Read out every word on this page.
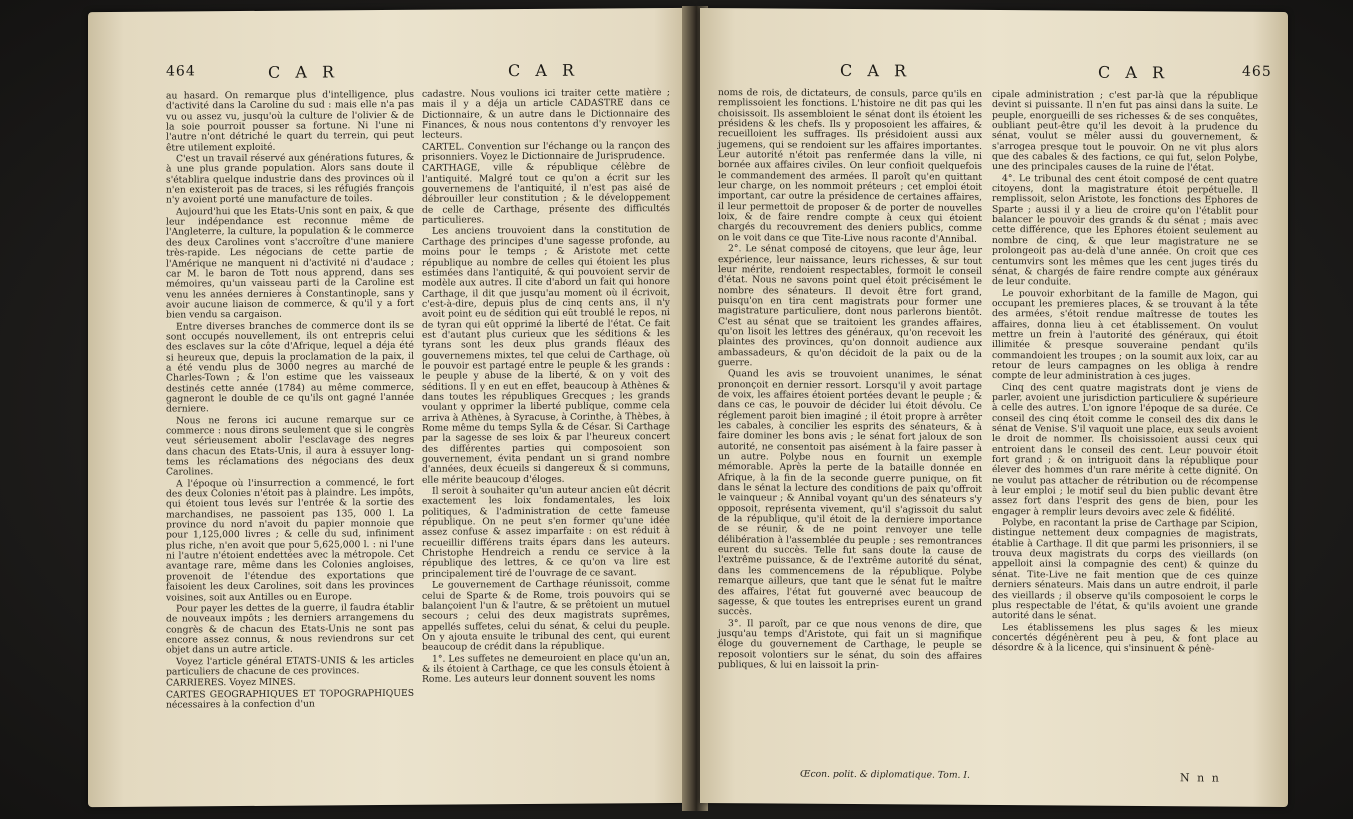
464	C A R	C A R

au hasard. On remarque plus d'intelligence, plus d'activité dans la Caroline du sud : mais elle n'a pas vu ou assez vu, jusqu'où la culture de l'olivier & de la soie pourroit pousser sa fortune. Ni l'une ni l'autre n'ont détriché le quart du terrein, qui peut être utilement exploité.

C'est un travail réservé aux générations futures, & à une plus grande population. Alors sans doute il s'établira quelque industrie dans des provinces où il n'en existeroit pas de traces, si les réfugiés françois n'y avoient porté une manufacture de toiles.

Aujourd'hui que les Etats-Unis sont en paix, & que leur indépendance est reconnue même de l'Angleterre, la culture, la population & le commerce des deux Carolines vont s'accroître d'une maniere très-rapide. Les négocians de cette partie de l'Amérique ne manquent ni d'activité ni d'audace ; car M. le baron de Tott nous apprend, dans ses mémoires, qu'un vaisseau parti de la Caroline est venu les années dernieres à Constantinople, sans y avoir aucune liaison de commerce, & qu'il y a fort bien vendu sa cargaison.

Entre diverses branches de commerce dont ils se sont occupés nouvellement, ils ont entrepris celui des esclaves sur la côte d'Afrique, lequel a déja été si heureux que, depuis la proclamation de la paix, il a été vendu plus de 3000 negres au marché de Charles-Town ; & l'on estime que les vaisseaux destinés cette année (1784) au même commerce, gagneront le double de ce qu'ils ont gagné l'année derniere.

Nous ne ferons ici aucune remarque sur ce commerce : nous dirons seulement que si le congrès veut sérieusement abolir l'esclavage des negres dans chacun des Etats-Unis, il aura à essuyer long-tems les réclamations des négocians des deux Carolines.

A l'époque où l'insurrection a commencé, le fort des deux Colonies n'étoit pas à plaindre. Les impôts, qui étoient tous levés sur l'entrée & la sortie des marchandises, ne passoient pas 135, 000 l. La province du nord n'avoit du papier monnoie que pour 1,125,000 livres ; & celle du sud, infiniment plus riche, n'en avoit que pour 5,625,000 l. : ni l'une ni l'autre n'étoient endettées avec la métropole. Cet avantage rare, même dans les Colonies angloises, provenoit de l'étendue des exportations que faisoient les deux Carolines, soit dans les provinces voisines, soit aux Antilles ou en Europe.

Pour payer les dettes de la guerre, il faudra établir de nouveaux impôts ; les derniers arrangemens du congrès & de chacun des Etats-Unis ne sont pas encore assez connus, & nous reviendrons sur cet objet dans un autre article.

Voyez l'article général ETATS-UNIS & les articles particuliers de chacune de ces provinces.

CARRIERES. Voyez MINES.

CARTES GEOGRAPHIQUES ET TOPOGRAPHIQUES nécessaires à la confection d'un

cadastre. Nous voulions ici traiter cette matière ; mais il y a déja un article CADASTRE dans ce Dictionnaire, & un autre dans le Dictionnaire des Finances, & nous nous contentons d'y renvoyer les lecteurs.

CARTEL. Convention sur l'échange ou la rançon des prisonniers. Voyez le Dictionnaire de Jurisprudence.

CARTHAGE, ville & république célèbre de l'antiquité. Malgré tout ce qu'on a écrit sur les gouvernemens de l'antiquité, il n'est pas aisé de débrouiller leur constitution ; & le développement de celle de Carthage, présente des difficultés particulieres.

Les anciens trouvoient dans la constitution de Carthage des principes d'une sagesse profonde, au moins pour le temps ; & Aristote met cette république au nombre de celles qui étoient les plus estimées dans l'antiquité, & qui pouvoient servir de modèle aux autres. Il cite d'abord un fait qui honore Carthage, il dit que jusqu'au moment où il écrivoit, c'est-à-dire, depuis plus de cinq cents ans, il n'y avoit point eu de sédition qui eût troublé le repos, ni de tyran qui eût opprimé la liberté de l'état. Ce fait est d'autant plus curieux que les séditions & les tyrans sont les deux plus grands fléaux des gouvernemens mixtes, tel que celui de Carthage, où le pouvoir est partagé entre le peuple & les grands : le peuple y abuse de la liberté, & on y voit des séditions. Il y en eut en effet, beaucoup à Athènes & dans toutes les républiques Grecques ; les grands voulant y opprimer la liberté publique, comme cela arriva à Athènes, à Syracuse, à Corinthe, à Thèbes, à Rome même du temps Sylla & de César. Si Carthage par la sagesse de ses loix & par l'heureux concert des différentes parties qui composoient son gouvernement, évita pendant un si grand nombre d'années, deux écueils si dangereux & si communs, elle mérite beaucoup d'éloges.

Il seroit à souhaiter qu'un auteur ancien eût décrit exactement les loix fondamentales, les loix politiques, & l'administration de cette fameuse république. On ne peut s'en former qu'une idée assez confuse & assez imparfaite : on est réduit à recueillir différens traits épars dans les auteurs. Christophe Hendreich a rendu ce service à la république des lettres, & ce qu'on va lire est principalement tiré de l'ouvrage de ce savant.

Le gouvernement de Carthage réunissoit, comme celui de Sparte & de Rome, trois pouvoirs qui se balançoient l'un & l'autre, & se prêtoient un mutuel secours ; celui des deux magistrats suprêmes, appellés suffetes, celui du sénat, & celui du peuple. On y ajouta ensuite le tribunal des cent, qui eurent beaucoup de crédit dans la république.

1°. Les suffetes ne demeuroient en place qu'un an, & ils étoient à Carthage, ce que les consuls étoient à Rome. Les auteurs leur donnent souvent les noms

C A R	C A R	465

noms de rois, de dictateurs, de consuls, parce qu'ils en remplissoient les fonctions. L'histoire ne dit pas qui les choisissoit. Ils assembloient le sénat dont ils étoient les présidens & les chefs. Ils y proposoient les affaires, & recueilloient les suffrages. Ils présidoient aussi aux jugemens, qui se rendoient sur les affaires importantes. Leur autorité n'étoit pas renfermée dans la ville, ni bornée aux affaires civiles. On leur confioit quelquefois le commandement des armées. Il paroît qu'en quittant leur charge, on les nommoit préteurs ; cet emploi étoit important, car outre la présidence de certaines affaires, il leur permettoit de proposer & de porter de nouvelles loix, & de faire rendre compte à ceux qui étoient chargés du recouvrement des deniers publics, comme on le voit dans ce que Tite-Live nous raconte d'Annibal.

2°. Le sénat composé de citoyens, que leur âge, leur expérience, leur naissance, leurs richesses, & sur tout leur mérite, rendoient respectables, formoit le conseil d'état. Nous ne savons point quel étoit précisément le nombre des sénateurs. Il devoit être fort grand, puisqu'on en tira cent magistrats pour former une magistrature particuliere, dont nous parlerons bientôt. C'est au sénat que se traitoient les grandes affaires, qu'on lisoit les lettres des généraux, qu'on recevoit les plaintes des provinces, qu'on donnoit audience aux ambassadeurs, & qu'on décidoit de la paix ou de la guerre.

Quand les avis se trouvoient unanimes, le sénat prononçoit en dernier ressort. Lorsqu'il y avoit partage de voix, les affaires étoient portées devant le peuple ; & dans ce cas, le pouvoir de décider lui étoit dévolu. Ce réglement paroit bien imaginé ; il étoit propre à arrêter les cabales, à concilier les esprits des sénateurs, & à faire dominer les bons avis ; le sénat fort jaloux de son autorité, ne consentoit pas aisément à la faire passer à un autre. Polybe nous en fournit un exemple mémorable. Après la perte de la bataille donnée en Afrique, à la fin de la seconde guerre punique, on fit dans le sénat la lecture des conditions de paix qu'offroit le vainqueur ; & Annibal voyant qu'un des sénateurs s'y opposoit, représenta vivement, qu'il s'agissoit du salut de la république, qu'il étoit de la derniere importance de se réunir, & de ne point renvoyer une telle délibération à l'assemblée du peuple ; ses remontrances eurent du succès. Telle fut sans doute la cause de l'extrême puissance, & de l'extrême autorité du sénat, dans les commencemens de la république. Polybe remarque ailleurs, que tant que le sénat fut le maître des affaires, l'état fut gouverné avec beaucoup de sagesse, & que toutes les entreprises eurent un grand succès.

3°. Il paroît, par ce que nous venons de dire, que jusqu'au temps d'Aristote, qui fait un si magnifique éloge du gouvernement de Carthage, le peuple se reposoit volontiers sur le sénat, du soin des affaires publiques, & lui en laissoit la prin-

cipale administration ; c'est par-là que la république devint si puissante. Il n'en fut pas ainsi dans la suite. Le peuple, enorgueilli de ses richesses & de ses conquêtes, oubliant peut-être qu'il les devoit à la prudence du sénat, voulut se mêler aussi du gouvernement, & s'arrogea presque tout le pouvoir. On ne vit plus alors que des cabales & des factions, ce qui fut, selon Polybe, une des principales causes de la ruine de l'état.

4°. Le tribunal des cent étoit composé de cent quatre citoyens, dont la magistrature étoit perpétuelle. Il remplissoit, selon Aristote, les fonctions des Ephores de Sparte ; aussi il y a lieu de croire qu'on l'établit pour balancer le pouvoir des grands & du sénat ; mais avec cette différence, que les Ephores étoient seulement au nombre de cinq, & que leur magistrature ne se prolongeoit pas au-delà d'une année. On croit que ces centumvirs sont les mêmes que les cent juges tirés du sénat, & chargés de faire rendre compte aux généraux de leur conduite.

Le pouvoir exhorbitant de la famille de Magon, qui occupant les premieres places, & se trouvant à la tête des armées, s'étoit rendue maîtresse de toutes les affaires, donna lieu à cet établissement. On voulut mettre un frein à l'autorité des généraux, qui étoit illimitée & presque souveraine pendant qu'ils commandoient les troupes ; on la soumit aux loix, car au retour de leurs campagnes on les obliga à rendre compte de leur administration à ces juges.

Cinq des cent quatre magistrats dont je viens de parler, avoient une jurisdiction particuliere & supérieure à celle des autres. L'on ignore l'époque de sa durée. Ce conseil des cinq étoit comme le conseil des dix dans le sénat de Venise. S'il vaquoit une place, eux seuls avoient le droit de nommer. Ils choisissoient aussi ceux qui entroient dans le conseil des cent. Leur pouvoir étoit fort grand ; & on intriguoit dans la république pour élever des hommes d'un rare mérite à cette dignité. On ne voulut pas attacher de rétribution ou de récompense à leur emploi ; le motif seul du bien public devant être assez fort dans l'esprit des gens de bien, pour les engager à remplir leurs devoirs avec zele & fidélité.

Polybe, en racontant la prise de Carthage par Scipion, distingue nettement deux compagnies de magistrats, établie à Carthage. Il dit que parmi les prisonniers, il se trouva deux magistrats du corps des vieillards (on appelloit ainsi la compagnie des cent) & quinze du sénat. Tite-Live ne fait mention que de ces quinze derniers sénateurs. Mais dans un autre endroit, il parle des vieillards ; il observe qu'ils composoient le corps le plus respectable de l'état, & qu'ils avoient une grande autorité dans le sénat.

Les établissemens les plus sages & les mieux concertés dégénèrent peu à peu, & font place au désordre & à la licence, qui s'insinuent & pénè-

Œcon. polit. & diplomatique. Tom. I.	N n n
